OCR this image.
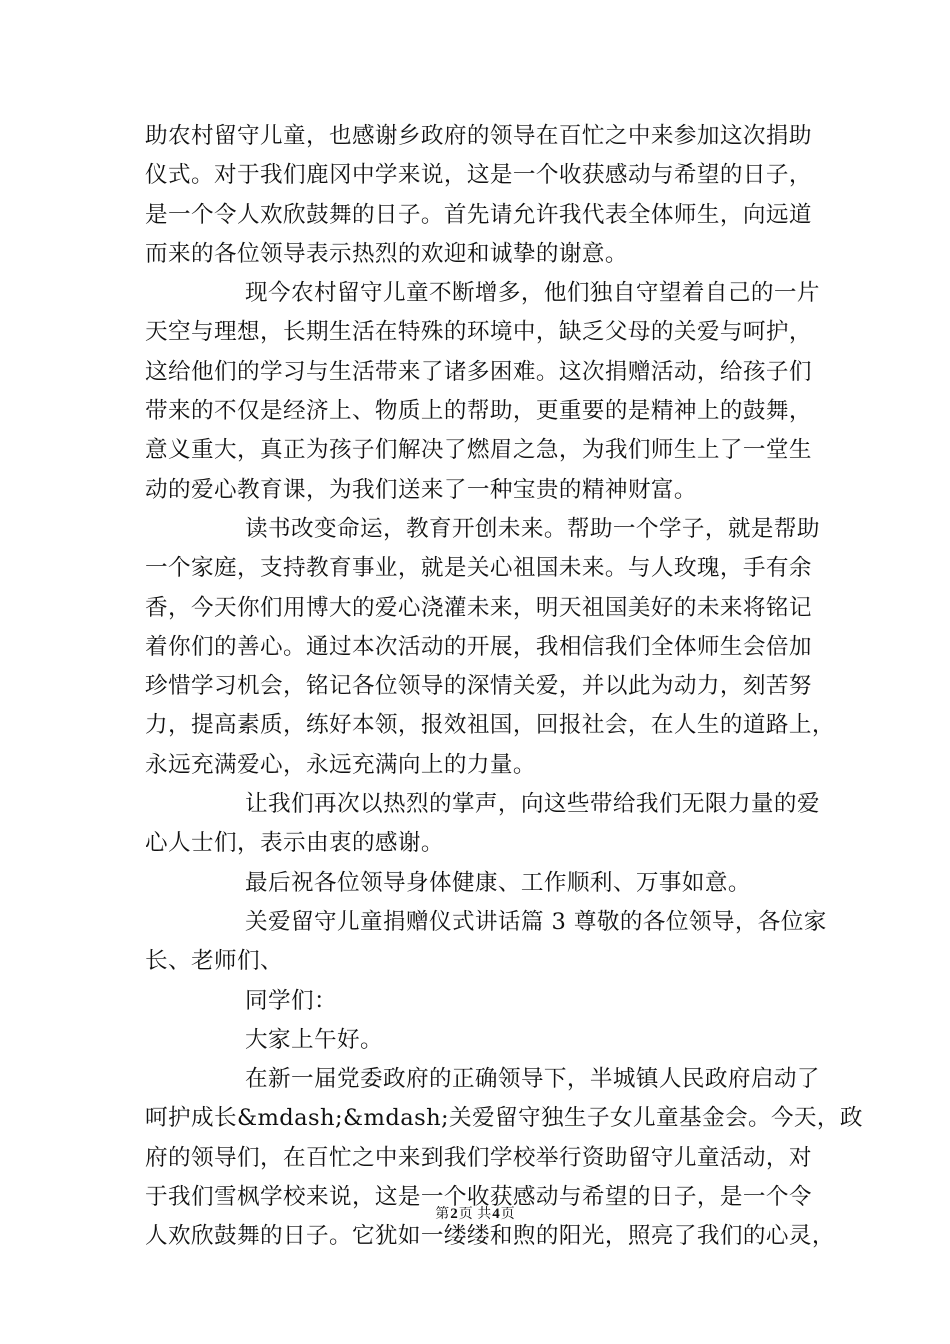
助农村留守儿童，也感谢乡政府的领导在百忙之中来参加这次捐助
仪式。对于我们鹿冈中学来说，这是一个收获感动与希望的日子，
是一个令人欢欣鼓舞的日子。首先请允许我代表全体师生，向远道
而来的各位领导表示热烈的欢迎和诚挚的谢意。
现今农村留守儿童不断增多，他们独自守望着自己的一片
天空与理想，长期生活在特殊的环境中，缺乏父母的关爱与呵护，
这给他们的学习与生活带来了诸多困难。这次捐赠活动，给孩子们
带来的不仅是经济上、物质上的帮助，更重要的是精神上的鼓舞，
意义重大，真正为孩子们解决了燃眉之急，为我们师生上了一堂生
动的爱心教育课，为我们送来了一种宝贵的精神财富。
读书改变命运，教育开创未来。帮助一个学子，就是帮助
一个家庭，支持教育事业，就是关心祖国未来。与人玫瑰，手有余
香，今天你们用博大的爱心浇灌未来，明天祖国美好的未来将铭记
着你们的善心。通过本次活动的开展，我相信我们全体师生会倍加
珍惜学习机会，铭记各位领导的深情关爱，并以此为动力，刻苦努
力，提高素质，练好本领，报效祖国，回报社会，在人生的道路上，
永远充满爱心，永远充满向上的力量。
让我们再次以热烈的掌声，向这些带给我们无限力量的爱
心人士们，表示由衷的感谢。
最后祝各位领导身体健康、工作顺利、万事如意。
关爱留守儿童捐赠仪式讲话篇 3 尊敬的各位领导，各位家
长、老师们、
同学们：
大家上午好。
在新一届党委政府的正确领导下，半城镇人民政府启动了
呵护成长&mdash;&mdash;关爱留守独生子女儿童基金会。今天，政
府的领导们，在百忙之中来到我们学校举行资助留守儿童活动，对
于我们雪枫学校来说，这是一个收获感动与希望的日子，是一个令
人欢欣鼓舞的日子。它犹如一缕缕和煦的阳光，照亮了我们的心灵，
第2页 共4页
